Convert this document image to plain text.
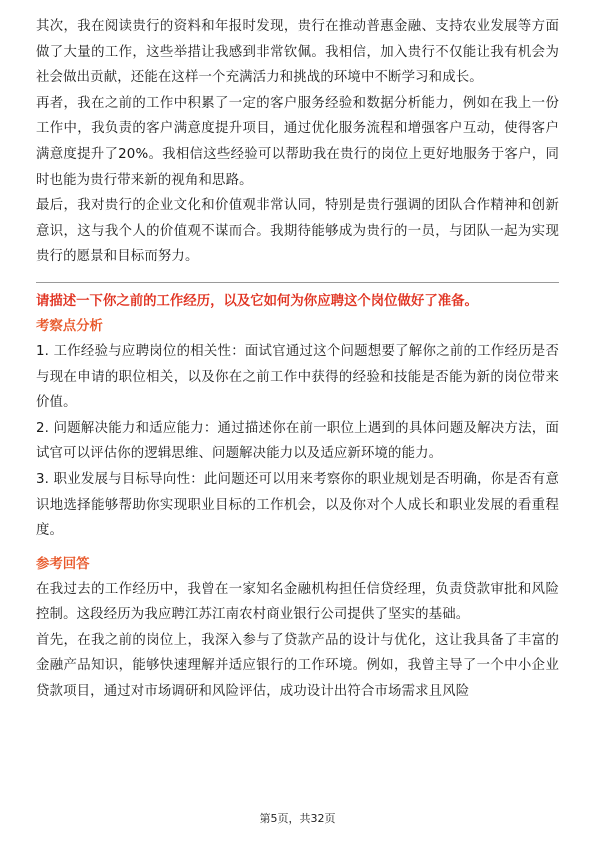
其次，我在阅读贵行的资料和年报时发现，贵行在推动普惠金融、支持农业发展等方面做了大量的工作，这些举措让我感到非常钦佩。我相信，加入贵行不仅能让我有机会为社会做出贡献，还能在这样一个充满活力和挑战的环境中不断学习和成长。

再者，我在之前的工作中积累了一定的客户服务经验和数据分析能力，例如在我上一份工作中，我负责的客户满意度提升项目，通过优化服务流程和增强客户互动，使得客户满意度提升了20%。我相信这些经验可以帮助我在贵行的岗位上更好地服务于客户，同时也能为贵行带来新的视角和思路。

最后，我对贵行的企业文化和价值观非常认同，特别是贵行强调的团队合作精神和创新意识，这与我个人的价值观不谋而合。我期待能够成为贵行的一员，与团队一起为实现贵行的愿景和目标而努力。

请描述一下你之前的工作经历，以及它如何为你应聘这个岗位做好了准备。

考察点分析

1. 工作经验与应聘岗位的相关性：面试官通过这个问题想要了解你之前的工作经历是否与现在申请的职位相关，以及你在之前工作中获得的经验和技能是否能为新的岗位带来价值。

2. 问题解决能力和适应能力：通过描述你在前一职位上遇到的具体问题及解决方法，面试官可以评估你的逻辑思维、问题解决能力以及适应新环境的能力。

3. 职业发展与目标导向性：此问题还可以用来考察你的职业规划是否明确，你是否有意识地选择能够帮助你实现职业目标的工作机会，以及你对个人成长和职业发展的看重程度。

参考回答

在我过去的工作经历中，我曾在一家知名金融机构担任信贷经理，负责贷款审批和风险控制。这段经历为我应聘江苏江南农村商业银行公司提供了坚实的基础。

首先，在我之前的岗位上，我深入参与了贷款产品的设计与优化，这让我具备了丰富的金融产品知识，能够快速理解并适应银行的工作环境。例如，我曾主导了一个中小企业贷款项目，通过对市场调研和风险评估，成功设计出符合市场需求且风险

第5页，共32页
